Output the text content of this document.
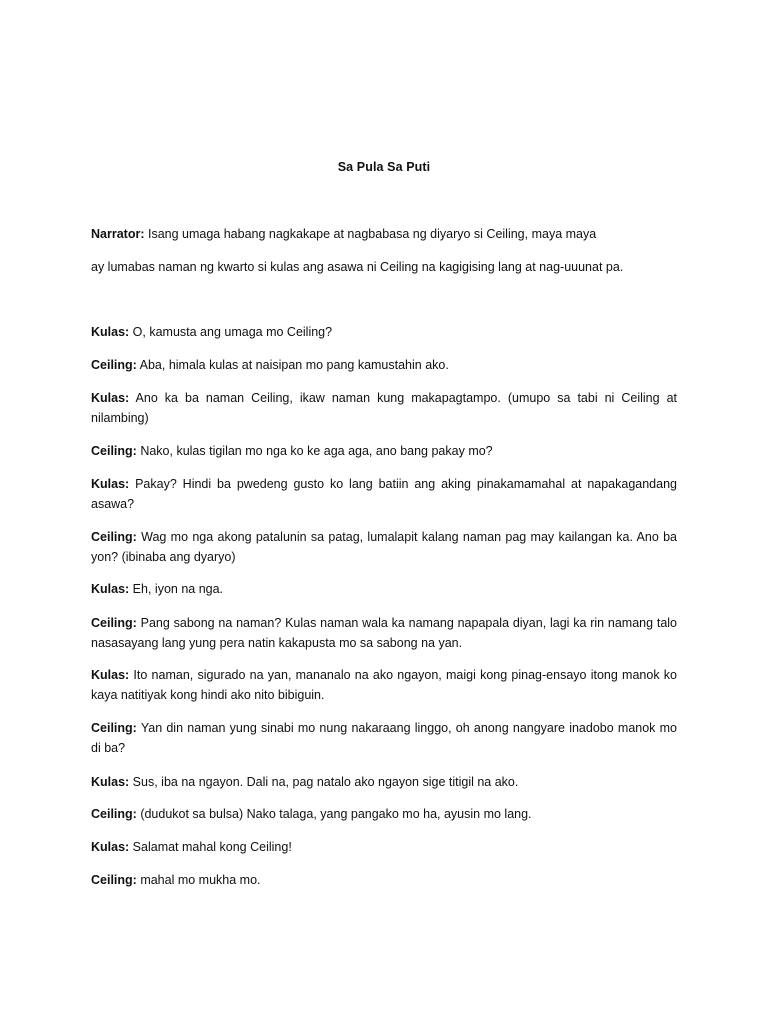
Sa Pula Sa Puti
Narrator: Isang umaga habang nagkakape at nagbabasa ng diyaryo si Ceiling, maya maya
ay lumabas naman ng kwarto si kulas ang asawa ni Ceiling na kagigising lang at nag-uuunat pa.
Kulas: O, kamusta ang umaga mo Ceiling?
Ceiling: Aba, himala kulas at naisipan mo pang kamustahin ako.
Kulas: Ano ka ba naman Ceiling, ikaw naman kung makapagtampo. (umupo sa tabi ni Ceiling at nilambing)
Ceiling: Nako, kulas tigilan mo nga ko ke aga aga, ano bang pakay mo?
Kulas: Pakay? Hindi ba pwedeng gusto ko lang batiin ang aking pinakamamahal at napakagandang asawa?
Ceiling: Wag mo nga akong patalunin sa patag, lumalapit kalang naman pag may kailangan ka. Ano ba yon? (ibinaba ang dyaryo)
Kulas: Eh, iyon na nga.
Ceiling: Pang sabong na naman? Kulas naman wala ka namang napapala diyan, lagi ka rin namang talo nasasayang lang yung pera natin kakapusta mo sa sabong na yan.
Kulas: Ito naman, sigurado na yan, mananalo na ako ngayon, maigi kong pinag-ensayo itong manok ko kaya natitiyak kong hindi ako nito bibiguin.
Ceiling: Yan din naman yung sinabi mo nung nakaraang linggo, oh anong nangyare inadobo manok mo di ba?
Kulas: Sus, iba na ngayon. Dali na, pag natalo ako ngayon sige titigil na ako.
Ceiling: (dudukot sa bulsa) Nako talaga, yang pangako mo ha, ayusin mo lang.
Kulas: Salamat mahal kong Ceiling!
Ceiling: mahal mo mukha mo.
